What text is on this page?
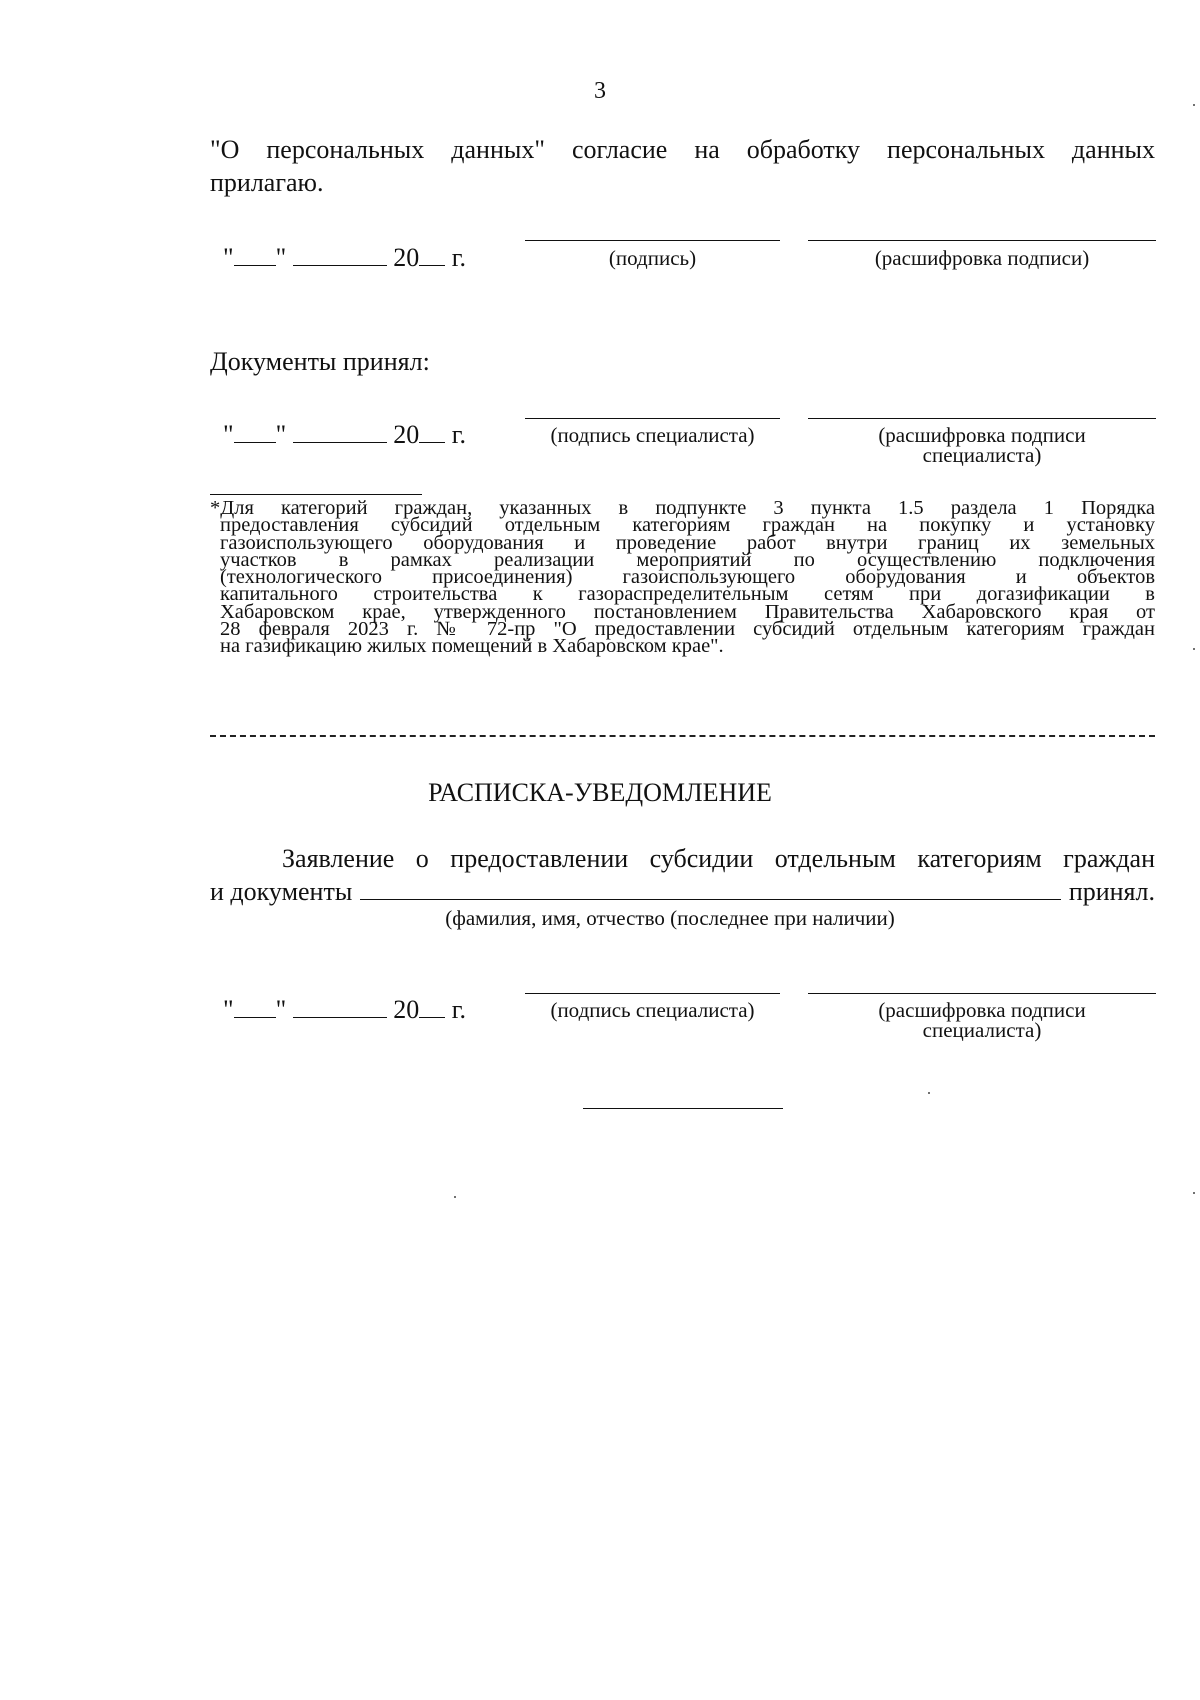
3
"О персональных данных" согласие на обработку персональных данных
прилагаю.

" "	20 г.	(подпись)	(расшифровка подписи)
Документы принял:

" "	20 г.	(подпись специалиста)	(расшифровка подписи
специалиста)
*Для категорий граждан, указанных в подпункте 3 пункта 1.5 раздела 1 Порядка
предоставления субсидий отдельным категориям граждан на покупку и установку
газоиспользующего оборудования и проведение работ внутри границ их земельных
участков в рамках реализации мероприятий по осуществлению подключения
(технологического присоединения) газоиспользующего оборудования и объектов
капитального строительства к газораспределительным сетям при догазификации в
Хабаровском крае, утвержденного постановлением Правительства Хабаровского края от
28 февраля 2023 г. № 72-пр "О предоставлении субсидий отдельным категориям граждан
на газификацию жилых помещений в Хабаровском крае".
РАСПИСКА-УВЕДОМЛЕНИЕ
Заявление о предоставлении субсидии отдельным категориям граждан
и документы	принял.
(фамилия, имя, отчество (последнее при наличии)

" "	20 г.	(подпись специалиста)	(расшифровка подписи
специалиста)
